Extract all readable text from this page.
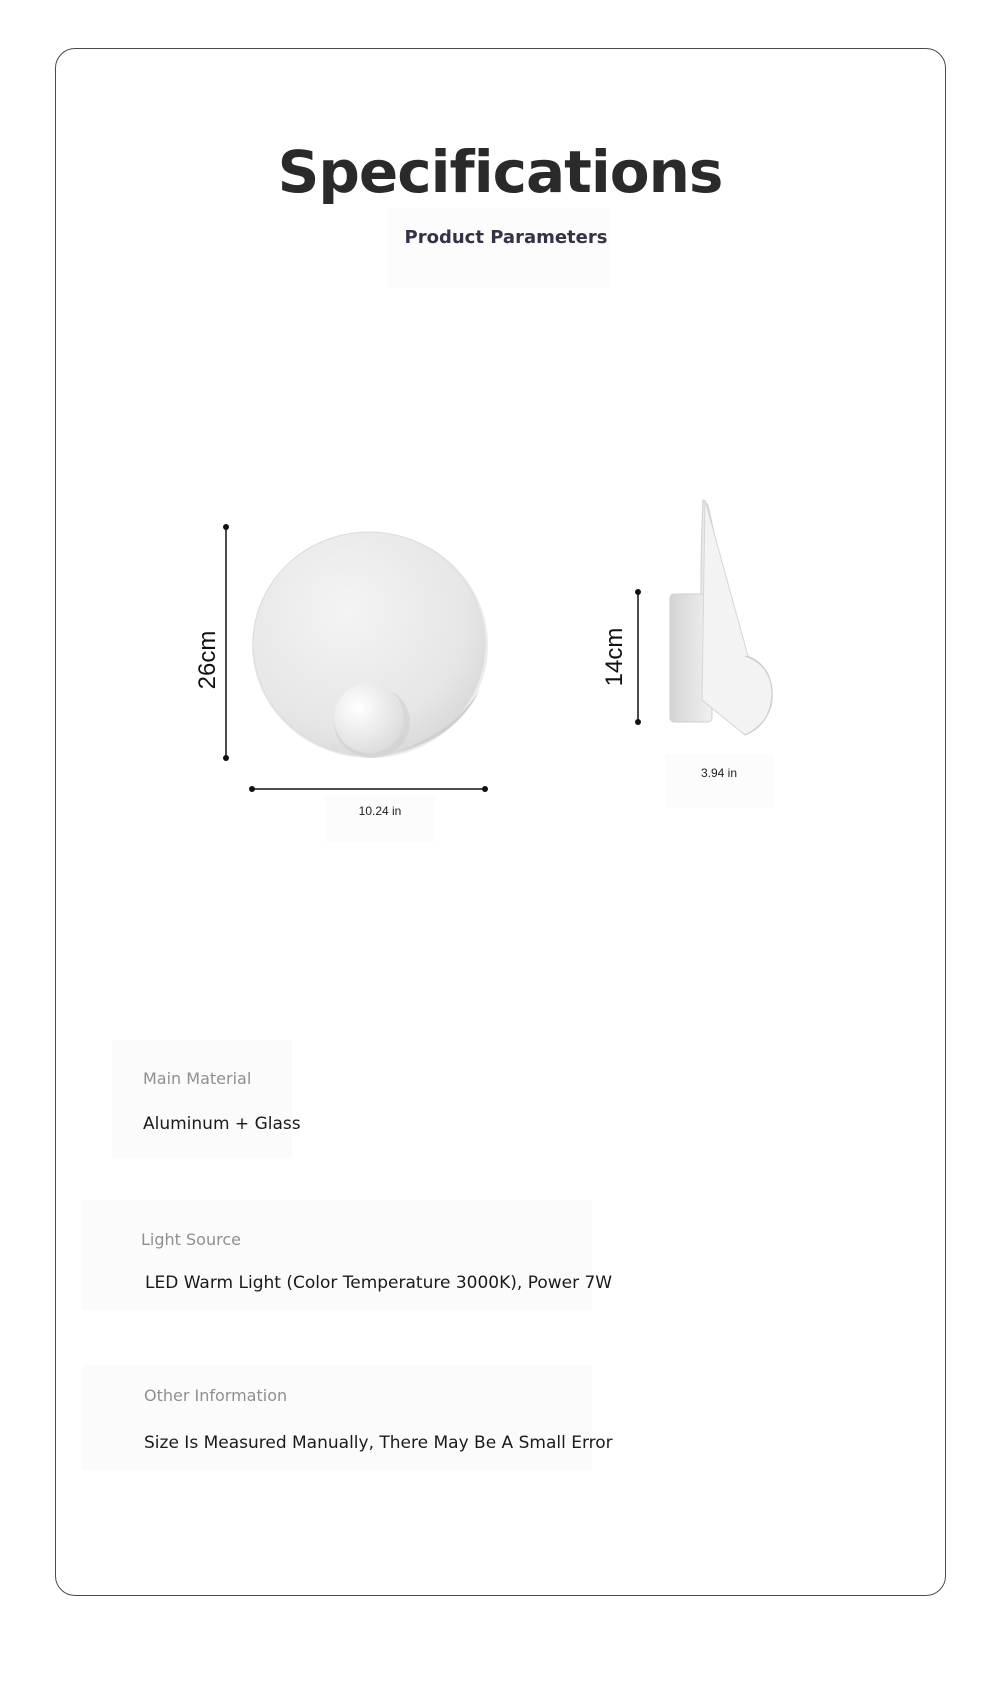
Specifications
Product Parameters
26cm	14cm
10.24 in
3.94 in
Main Material
Aluminum + Glass
Light Source
LED Warm Light (Color Temperature 3000K), Power 7W
Other Information
Size Is Measured Manually, There May Be A Small Error
